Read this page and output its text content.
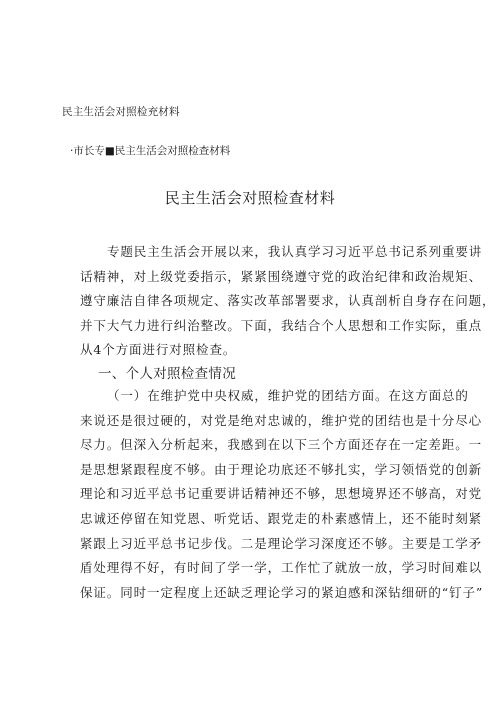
民主生活会对照检充材料
·市长专■民主生活会对照检查材料
民主生活会对照检查材料
专题民主生活会开展以来，我认真学习习近平总书记系列重要讲
话精神，对上级党委指示，紧紧围绕遵守党的政治纪律和政治规矩、
遵守廉洁自律各项规定、落实改革部署要求，认真剖析自身存在问题，
并下大气力进行纠治整改。下面，我结合个人思想和工作实际，重点
从4个方面进行对照检查。
一、个人对照检查情况
（一）在维护党中央权威，维护党的团结方面。在这方面总的
来说还是很过硬的，对党是绝对忠诚的，维护党的团结也是十分尽心
尽力。但深入分析起来，我感到在以下三个方面还存在一定差距。一
是思想紧跟程度不够。由于理论功底还不够扎实，学习领悟党的创新
理论和习近平总书记重要讲话精神还不够，思想境界还不够高，对党
忠诚还停留在知党恩、听党话、跟党走的朴素感情上，还不能时刻紧
紧跟上习近平总书记步伐。二是理论学习深度还不够。主要是工学矛
盾处理得不好，有时间了学一学，工作忙了就放一放，学习时间难以
保证。同时一定程度上还缺乏理论学习的紧迫感和深钻细研的“钉子”
